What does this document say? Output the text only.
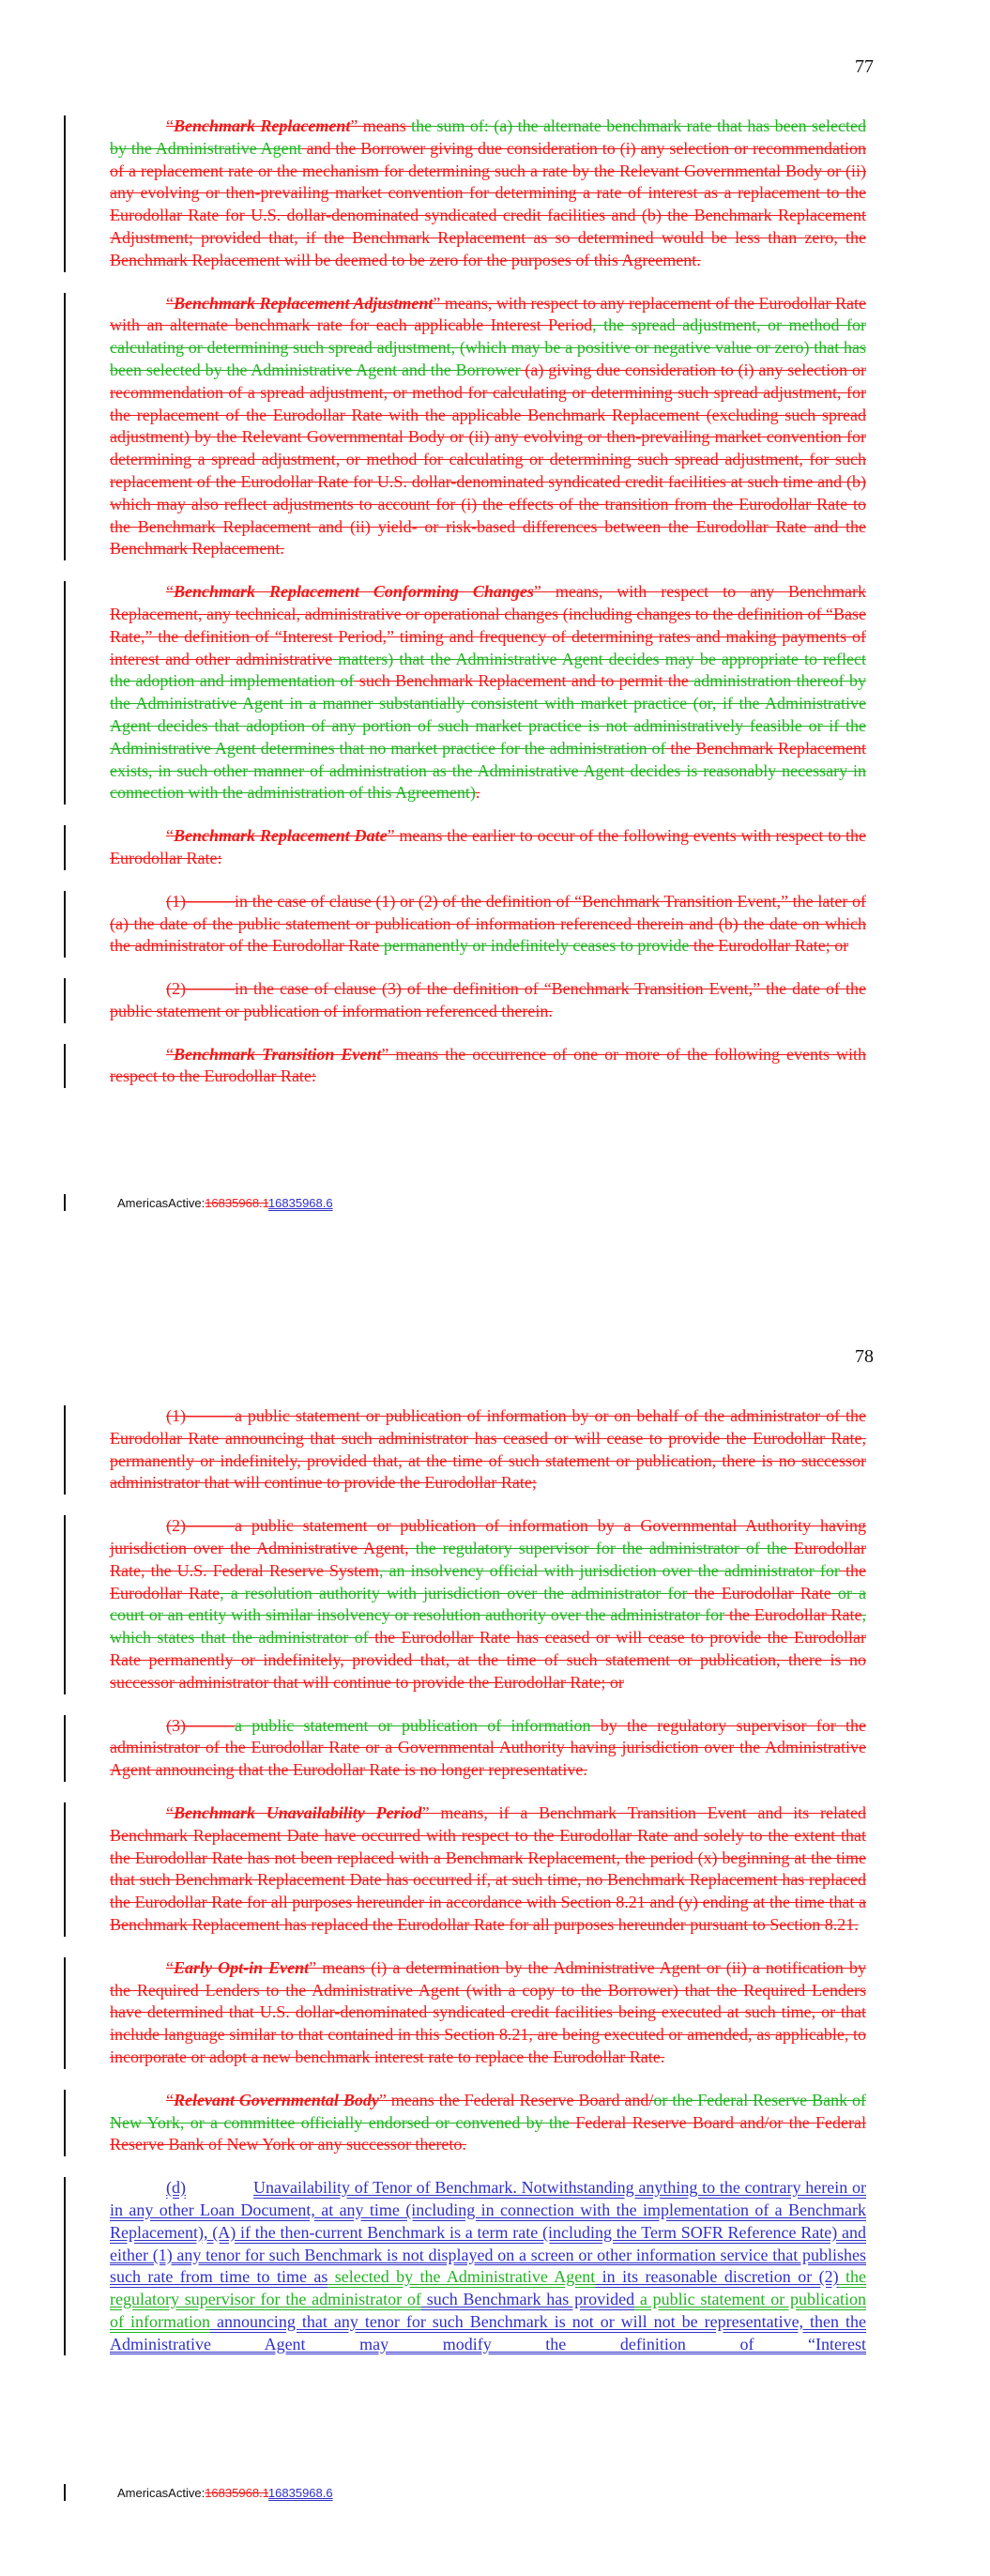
77

“Benchmark Replacement” means the sum of: (a) the alternate benchmark rate that has been selected by the Administrative Agent and the Borrower giving due consideration to (i) any selection or recommendation of a replacement rate or the mechanism for determining such a rate by the Relevant Governmental Body or (ii) any evolving or then-prevailing market convention for determining a rate of interest as a replacement to the Eurodollar Rate for U.S. dollar-denominated syndicated credit facilities and (b) the Benchmark Replacement Adjustment; provided that, if the Benchmark Replacement as so determined would be less than zero, the Benchmark Replacement will be deemed to be zero for the purposes of this Agreement.

“Benchmark Replacement Adjustment” means, with respect to any replacement of the Eurodollar Rate with an alternate benchmark rate for each applicable Interest Period, the spread adjustment, or method for calculating or determining such spread adjustment, (which may be a positive or negative value or zero) that has been selected by the Administrative Agent and the Borrower (a) giving due consideration to (i) any selection or recommendation of a spread adjustment, or method for calculating or determining such spread adjustment, for the replacement of the Eurodollar Rate with the applicable Benchmark Replacement (excluding such spread adjustment) by the Relevant Governmental Body or (ii) any evolving or then-prevailing market convention for determining a spread adjustment, or method for calculating or determining such spread adjustment, for such replacement of the Eurodollar Rate for U.S. dollar-denominated syndicated credit facilities at such time and (b) which may also reflect adjustments to account for (i) the effects of the transition from the Eurodollar Rate to the Benchmark Replacement and (ii) yield- or risk-based differences between the Eurodollar Rate and the Benchmark Replacement.

“Benchmark Replacement Conforming Changes” means, with respect to any Benchmark Replacement, any technical, administrative or operational changes (including changes to the definition of “Base Rate,” the definition of “Interest Period,” timing and frequency of determining rates and making payments of interest and other administrative matters) that the Administrative Agent decides may be appropriate to reflect the adoption and implementation of such Benchmark Replacement and to permit the administration thereof by the Administrative Agent in a manner substantially consistent with market practice (or, if the Administrative Agent decides that adoption of any portion of such market practice is not administratively feasible or if the Administrative Agent determines that no market practice for the administration of the Benchmark Replacement exists, in such other manner of administration as the Administrative Agent decides is reasonably necessary in connection with the administration of this Agreement).

“Benchmark Replacement Date” means the earlier to occur of the following events with respect to the Eurodollar Rate:

(1)	in the case of clause (1) or (2) of the definition of “Benchmark Transition Event,” the later of (a) the date of the public statement or publication of information referenced therein and (b) the date on which the administrator of the Eurodollar Rate permanently or indefinitely ceases to provide the Eurodollar Rate; or

(2)	in the case of clause (3) of the definition of “Benchmark Transition Event,” the date of the public statement or publication of information referenced therein.

“Benchmark Transition Event” means the occurrence of one or more of the following events with respect to the Eurodollar Rate:

AmericasActive:16835968.116835968.6
78

(1)	a public statement or publication of information by or on behalf of the administrator of the Eurodollar Rate announcing that such administrator has ceased or will cease to provide the Eurodollar Rate, permanently or indefinitely, provided that, at the time of such statement or publication, there is no successor administrator that will continue to provide the Eurodollar Rate;

(2)	a public statement or publication of information by a Governmental Authority having jurisdiction over the Administrative Agent, the regulatory supervisor for the administrator of the Eurodollar Rate, the U.S. Federal Reserve System, an insolvency official with jurisdiction over the administrator for the Eurodollar Rate, a resolution authority with jurisdiction over the administrator for the Eurodollar Rate or a court or an entity with similar insolvency or resolution authority over the administrator for the Eurodollar Rate, which states that the administrator of the Eurodollar Rate has ceased or will cease to provide the Eurodollar Rate permanently or indefinitely, provided that, at the time of such statement or publication, there is no successor administrator that will continue to provide the Eurodollar Rate; or

(3)	a public statement or publication of information by the regulatory supervisor for the administrator of the Eurodollar Rate or a Governmental Authority having jurisdiction over the Administrative Agent announcing that the Eurodollar Rate is no longer representative.

“Benchmark Unavailability Period” means, if a Benchmark Transition Event and its related Benchmark Replacement Date have occurred with respect to the Eurodollar Rate and solely to the extent that the Eurodollar Rate has not been replaced with a Benchmark Replacement, the period (x) beginning at the time that such Benchmark Replacement Date has occurred if, at such time, no Benchmark Replacement has replaced the Eurodollar Rate for all purposes hereunder in accordance with Section 8.21 and (y) ending at the time that a Benchmark Replacement has replaced the Eurodollar Rate for all purposes hereunder pursuant to Section 8.21.

“Early Opt-in Event” means (i) a determination by the Administrative Agent or (ii) a notification by the Required Lenders to the Administrative Agent (with a copy to the Borrower) that the Required Lenders have determined that U.S. dollar-denominated syndicated credit facilities being executed at such time, or that include language similar to that contained in this Section 8.21, are being executed or amended, as applicable, to incorporate or adopt a new benchmark interest rate to replace the Eurodollar Rate.

“Relevant Governmental Body” means the Federal Reserve Board and/or the Federal Reserve Bank of New York, or a committee officially endorsed or convened by the Federal Reserve Board and/or the Federal Reserve Bank of New York or any successor thereto.

(d)	Unavailability of Tenor of Benchmark. Notwithstanding anything to the contrary herein or in any other Loan Document, at any time (including in connection with the implementation of a Benchmark Replacement), (A) if the then-current Benchmark is a term rate (including the Term SOFR Reference Rate) and either (1) any tenor for such Benchmark is not displayed on a screen or other information service that publishes such rate from time to time as selected by the Administrative Agent in its reasonable discretion or (2) the regulatory supervisor for the administrator of such Benchmark has provided a public statement or publication of information announcing that any tenor for such Benchmark is not or will not be representative, then the Administrative Agent may modify the definition of “Interest

AmericasActive:16835968.116835968.6
